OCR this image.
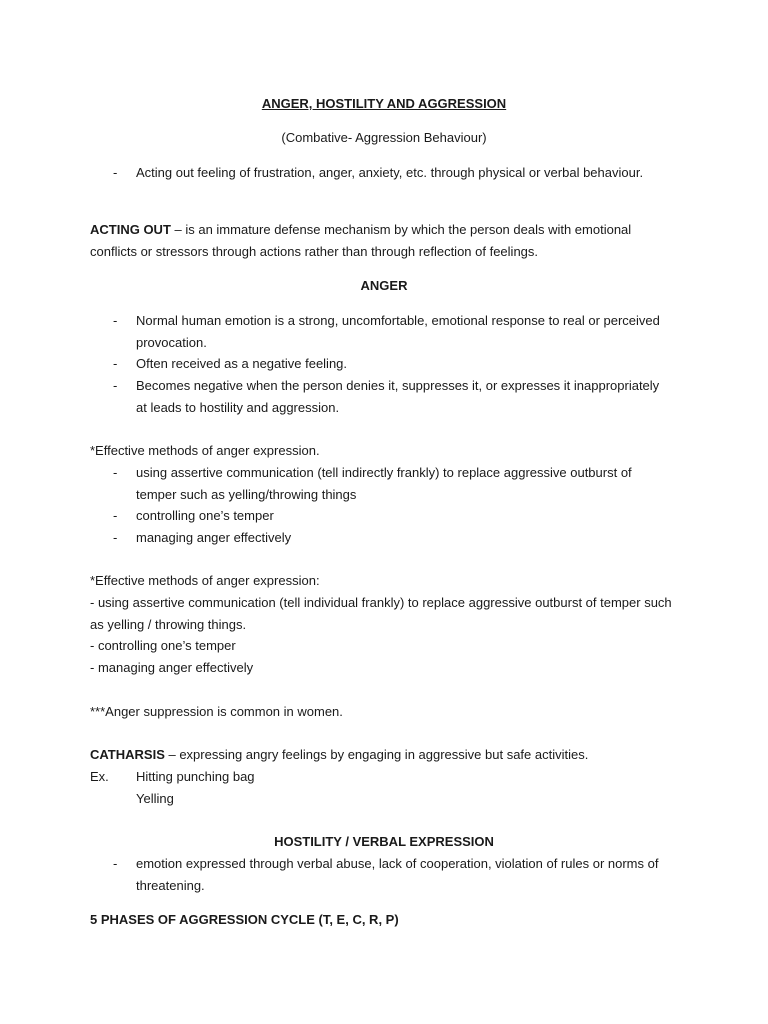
ANGER, HOSTILITY AND AGGRESSION
(Combative- Aggression Behaviour)
-	Acting out feeling of frustration, anger, anxiety, etc. through physical or verbal behaviour.
ACTING OUT – is an immature defense mechanism by which the person deals with emotional conflicts or stressors through actions rather than through reflection of feelings.
ANGER
-	Normal human emotion is a strong, uncomfortable, emotional response to real or perceived provocation.
-	Often received as a negative feeling.
-	Becomes negative when the person denies it, suppresses it, or expresses it inappropriately at leads to hostility and aggression.
*Effective methods of anger expression.
-	using assertive communication (tell indirectly frankly) to replace aggressive outburst of temper such as yelling/throwing things
-	controlling one’s temper
-	managing anger effectively
*Effective methods of anger expression:
- using assertive communication (tell individual frankly) to replace aggressive outburst of temper such as yelling / throwing things.
- controlling one’s temper
- managing anger effectively
***Anger suppression is common in women.
CATHARSIS – expressing angry feelings by engaging in aggressive but safe activities.
Ex. Hitting punching bag
Yelling
HOSTILITY / VERBAL EXPRESSION
-	emotion expressed through verbal abuse, lack of cooperation, violation of rules or norms of threatening.
5 PHASES OF AGGRESSION CYCLE (T, E, C, R, P)
